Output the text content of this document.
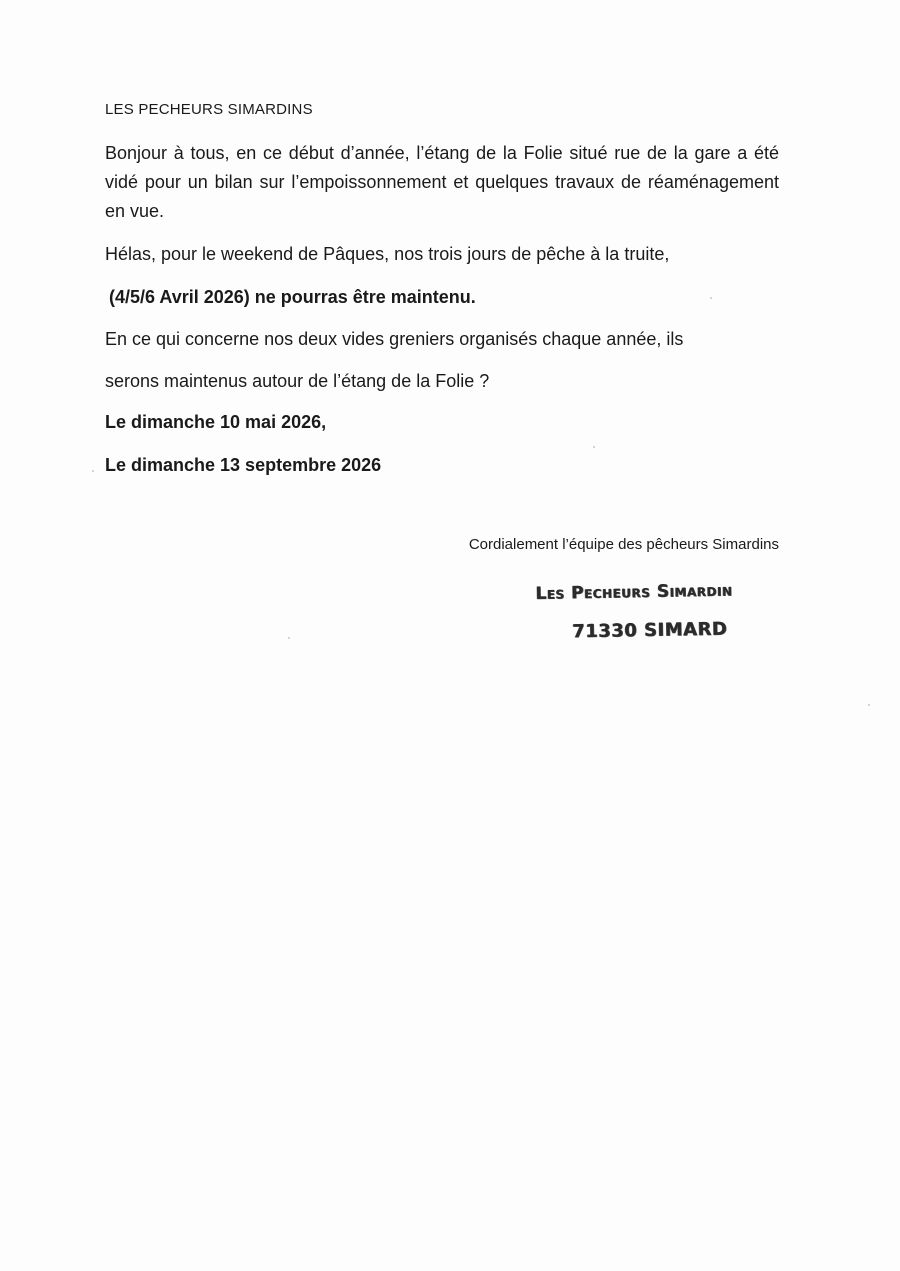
LES PECHEURS SIMARDINS
Bonjour à tous, en ce début d’année, l’étang de la Folie situé rue de la gare a été vidé pour un bilan sur l’empoissonnement et quelques travaux de réaménagement en vue.
Hélas, pour le weekend de Pâques, nos trois jours de pêche à la truite,
(4/5/6 Avril 2026) ne pourras être maintenu.
En ce qui concerne nos deux vides greniers organisés chaque année, ils
serons maintenus autour de l’étang de la Folie ?
Le dimanche 10 mai 2026,
Le dimanche 13 septembre 2026
Cordialement l’équipe des pêcheurs Simardins
Les Pecheurs Simardin
71330 SIMARD
